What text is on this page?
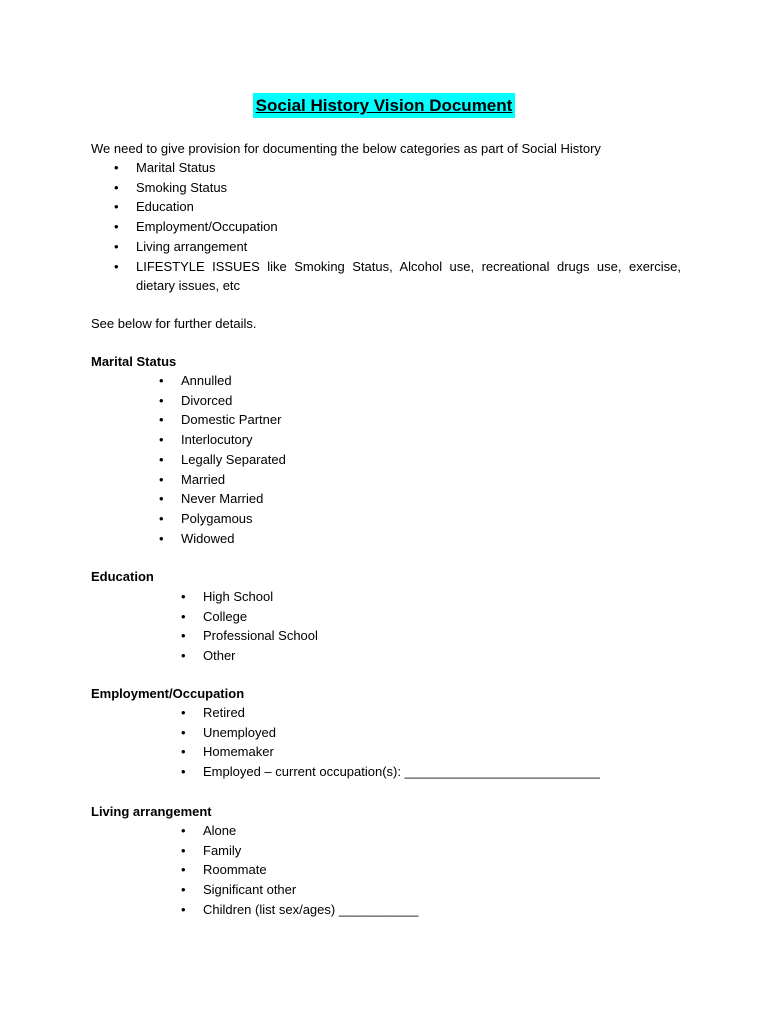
Social History Vision Document
We need to give provision for documenting the below categories as part of Social History
• Marital Status
• Smoking Status
• Education
• Employment/Occupation
• Living arrangement
• LIFESTYLE ISSUES like Smoking Status, Alcohol use, recreational drugs use, exercise, dietary issues, etc
See below for further details.
Marital Status
• Annulled
• Divorced
• Domestic Partner
• Interlocutory
• Legally Separated
• Married
• Never Married
• Polygamous
• Widowed
Education
• High School
• College
• Professional School
• Other
Employment/Occupation
• Retired
• Unemployed
• Homemaker
• Employed – current occupation(s): ___________________________
Living arrangement
• Alone
• Family
• Roommate
• Significant other
• Children (list sex/ages) ___________
